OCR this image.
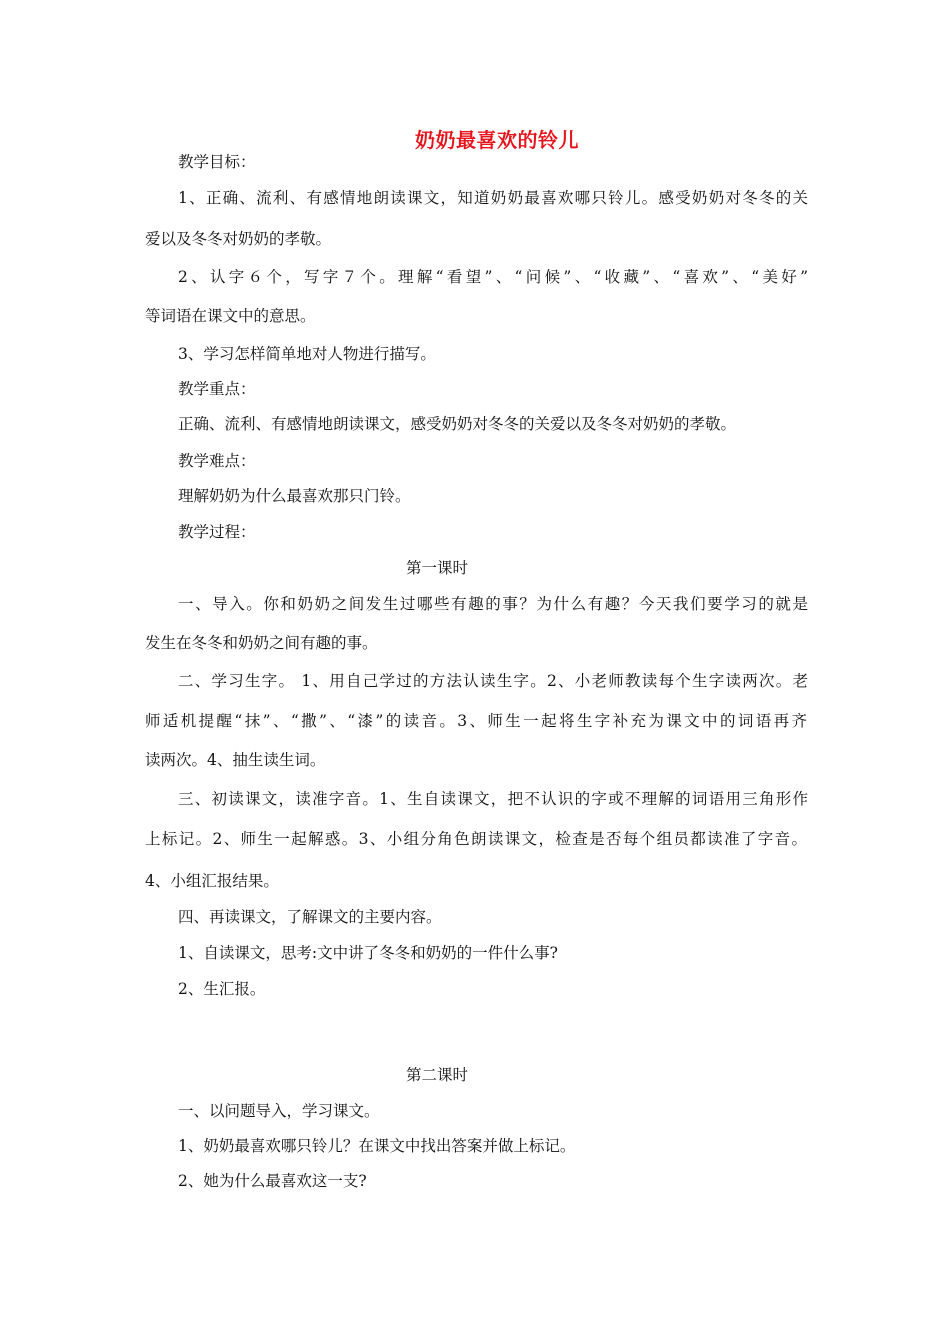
奶奶最喜欢的铃儿
教学目标：
1、正确、流利、有感情地朗读课文，知道奶奶最喜欢哪只铃儿。感受奶奶对冬冬的关
爱以及冬冬对奶奶的孝敬。
2、认字６个，写字７个。理解“看望”、“问候”、“收藏”、“喜欢”、“美好”
等词语在课文中的意思。
3、学习怎样简单地对人物进行描写。
教学重点：
正确、流利、有感情地朗读课文，感受奶奶对冬冬的关爱以及冬冬对奶奶的孝敬。
教学难点：
理解奶奶为什么最喜欢那只门铃。
教学过程：
第一课时
一、导入。你和奶奶之间发生过哪些有趣的事？为什么有趣？今天我们要学习的就是
发生在冬冬和奶奶之间有趣的事。
二、学习生字。 1、用自己学过的方法认读生字。2、小老师教读每个生字读两次。老
师适机提醒“抹”、“撒”、“漆”的读音。3、师生一起将生字补充为课文中的词语再齐
读两次。4、抽生读生词。
三、初读课文，读准字音。1、生自读课文，把不认识的字或不理解的词语用三角形作
上标记。2、师生一起解惑。3、小组分角色朗读课文，检查是否每个组员都读准了字音。
4、小组汇报结果。
四、再读课文，了解课文的主要内容。
1、自读课文，思考:文中讲了冬冬和奶奶的一件什么事?
2、生汇报。
第二课时
一、以问题导入，学习课文。
1、奶奶最喜欢哪只铃儿？在课文中找出答案并做上标记。
2、她为什么最喜欢这一支?
